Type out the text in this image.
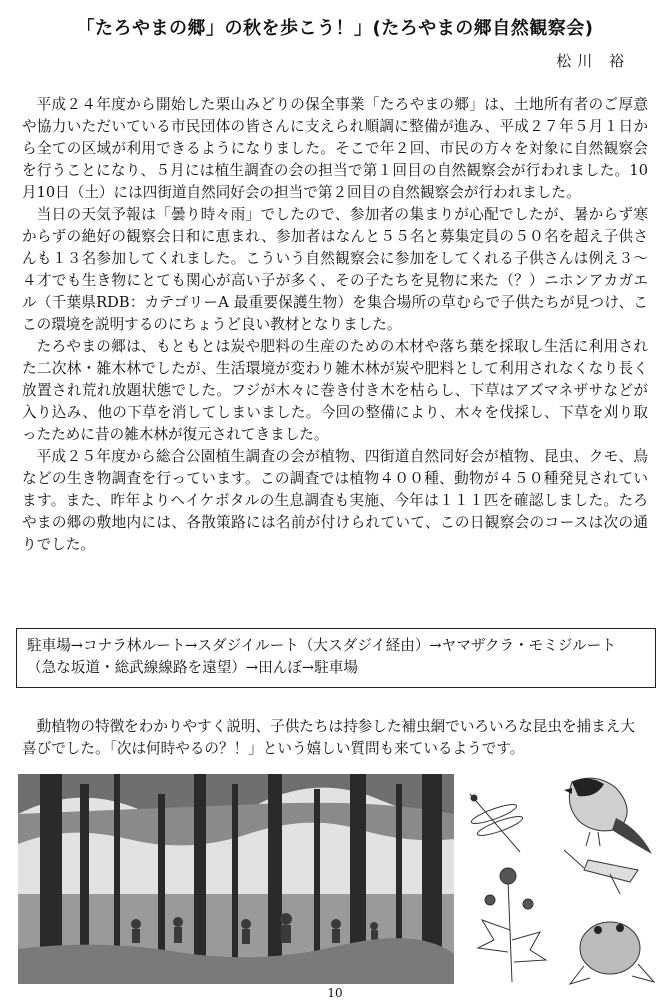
「たろやまの郷」の秋を歩こう！」(たろやまの郷自然観察会)
松川 裕

平成２４年度から開始した栗山みどりの保全事業「たろやまの郷」は、土地所有者のご厚意や協力いただいている市民団体の皆さんに支えられ順調に整備が進み、平成２７年５月１日から全ての区域が利用できるようになりました。そこで年２回、市民の方々を対象に自然観察会を行うことになり、５月には植生調査の会の担当で第１回目の自然観察会が行われました。10月10日（土）には四街道自然同好会の担当で第２回目の自然観察会が行われました。

当日の天気予報は「曇り時々雨」でしたので、参加者の集まりが心配でしたが、暑からず寒からずの絶好の観察会日和に恵まれ、参加者はなんと５５名と募集定員の５０名を超え子供さんも１３名参加してくれました。こういう自然観察会に参加をしてくれる子供さんは例え３〜４才でも生き物にとても関心が高い子が多く、その子たちを見物に来た（？）ニホンアカガエル（千葉県RDB：カテゴリーA 最重要保護生物）を集合場所の草むらで子供たちが見つけ、ここの環境を説明するのにちょうど良い教材となりました。

たろやまの郷は、もともとは炭や肥料の生産のための木材や落ち葉を採取し生活に利用された二次林・雑木林でしたが、生活環境が変わり雑木林が炭や肥料として利用されなくなり長く放置され荒れ放題状態でした。フジが木々に巻き付き木を枯らし、下草はアズマネザサなどが入り込み、他の下草を消してしまいました。今回の整備により、木々を伐採し、下草を刈り取ったために昔の雑木林が復元されてきました。

平成２５年度から総合公園植生調査の会が植物、四街道自然同好会が植物、昆虫、クモ、鳥などの生き物調査を行っています。この調査では植物４００種、動物が４５０種発見されています。また、昨年よりヘイケボタルの生息調査も実施、今年は１１１匹を確認しました。たろやまの郷の敷地内には、各散策路には名前が付けられていて、この日観察会のコースは次の通りでした。

駐車場→コナラ林ルート→スダジイルート（大スダジイ経由）→ヤマザクラ・モミジルート（急な坂道・総武線線路を遠望）→田んぼ→駐車場

動植物の特徴をわかりやすく説明、子供たちは持参した補虫網でいろいろな昆虫を捕まえ大喜びでした。「次は何時やるの？！」という嬉しい質問も来ているようです。

10
